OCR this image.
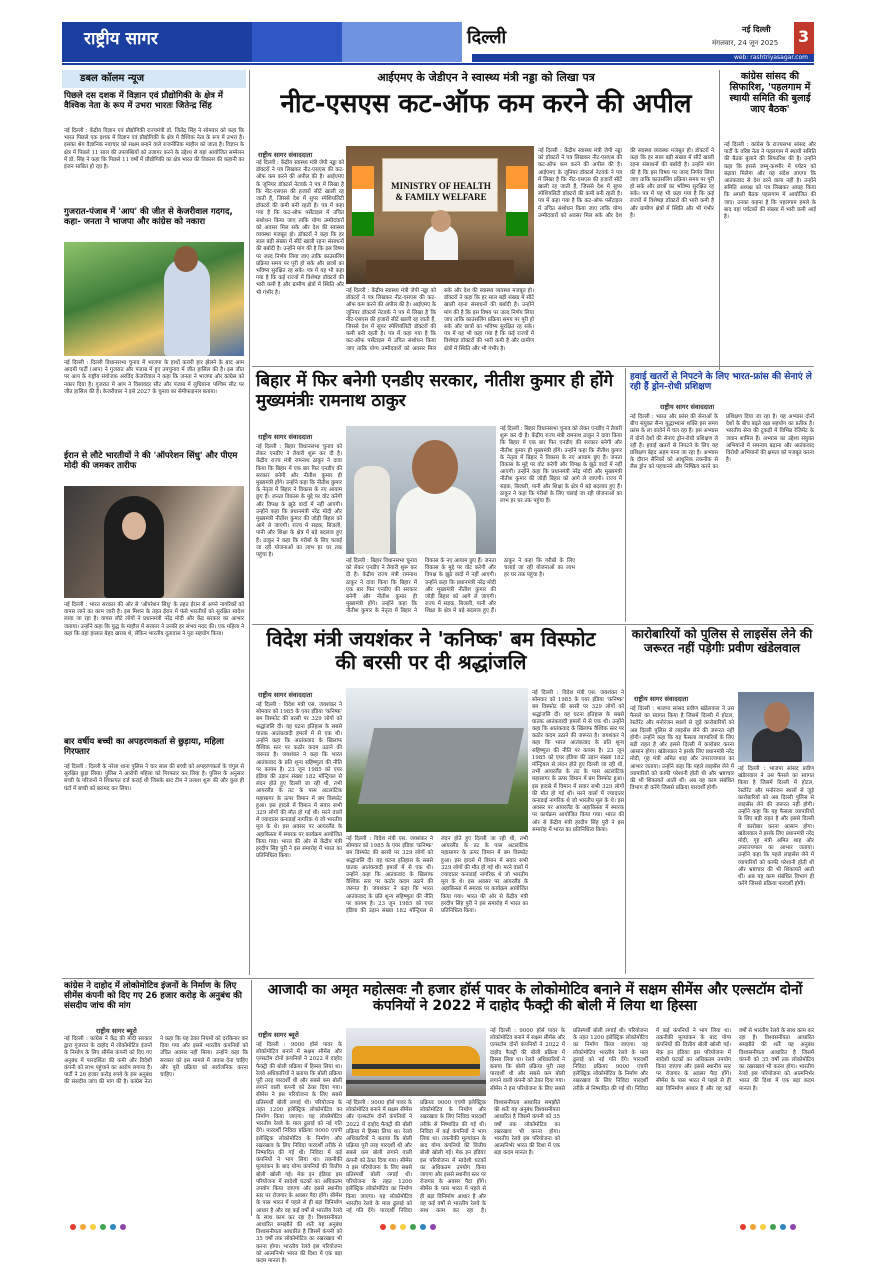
राष्ट्रीय सागर	दिल्ली	नई दिल्ली
मंगलवार, 24 जून 2025 3
web: rashtriyasagar.com
डबल कॉलम न्यूज
पिछले दस दशक में विज्ञान एवं प्रौद्योगिकी के क्षेत्र में वैश्विक नेता के रूप में उभरा भारतः जितेन्द्र सिंह
नई दिल्ली : केंद्रीय विज्ञान एवं प्रौद्योगिकी राज्यमंत्री डॉ. जितेंद्र सिंह ने सोमवार को कहा कि भारत पिछले एक दशक में विज्ञान एवं प्रौद्योगिकी के क्षेत्र में वैश्विक नेता के रूप में उभरा है। इसका श्रेय वैज्ञानिक नवाचार को सक्षम बनाने वाले राजनीतिक माहौल को जाता है। विज्ञान के क्षेत्र में पिछले 11 साल की उपलब्धियों को उजागर करने के उद्देश्य से यहां आयोजित सम्मेलन में डॉ. सिंह ने कहा कि पिछले 11 वर्षों में प्रौद्योगिकी का क्षेत्र भारत की विकास की कहानी का इंजन साबित हो रहा है।
गुजरात-पंजाब में 'आप' की जीत से केजरीवाल गदगद, कहा- जनता ने भाजपा और कांग्रेस को नकारा
नई दिल्ली : दिल्ली विधानसभा चुनाव में भाजपा के हाथों करारी हार झेलने के बाद आम आदमी पार्टी (आप) ने गुजरात और पंजाब में हुए उपचुनाव में जीत हासिल की है। इस जीत पर आप के राष्ट्रीय संयोजक अरविंद केजरीवाल ने कहा कि जनता ने भाजपा और कांग्रेस को नकार दिया है। गुजरात में आप ने विसावदर सीट और पंजाब में लुधियाना पश्चिम सीट पर जीत हासिल की है। केजरीवाल ने इसे 2027 के चुनाव का सेमीफाइनल बताया।
ईरान से लौटे भारतीयों ने की 'ऑपरेशन सिंधु' और पीएम मोदी की जमकर तारीफ
नई दिल्ली : भारत सरकार की ओर से 'ऑपरेशन सिंधु' के तहत ईरान से अपने नागरिकों को वापस लाने का काम जारी है। इस मिशन के तहत ईरान में फंसे भारतीयों को सुरक्षित स्वदेश लाया जा रहा है। वापस लौटे लोगों ने प्रधानमंत्री नरेंद्र मोदी और केंद्र सरकार का आभार जताया। उन्होंने कहा कि युद्ध के माहौल में सरकार ने उनकी हर संभव मदद की। एक महिला ने कहा कि वहां हालात बेहद खराब थे, लेकिन भारतीय दूतावास ने पूरा सहयोग किया।
बार वर्षीय बच्ची का अपहरणकर्ता से छुड़ाया, महिला गिरफ्तार
नई दिल्ली : दिल्ली के नरेला थाना पुलिस ने चार साल की बच्ची को अपहरणकर्ता के चंगुल से सुरक्षित छुड़ा लिया। पुलिस ने आरोपी महिला को गिरफ्तार कर लिया है। पुलिस के अनुसार बच्ची के परिजनों ने शिकायत दर्ज कराई थी जिसके बाद टीम ने तलाश शुरू की और कुछ ही घंटों में बच्ची को बरामद कर लिया।
आईएमए के जेडीएन ने स्वास्थ्य मंत्री नड्डा को लिखा पत्र
नीट-एसएस कट-ऑफ कम करने की अपील
राष्ट्रीय सागर संवाददाता
MINISTRY OF HEALTH
& FAMILY WELFARE
नई दिल्ली : केंद्रीय स्वास्थ्य मंत्री जेपी नड्डा को डॉक्टरों ने पत्र लिखकर नीट-एसएस की कट-ऑफ कम करने की अपील की है। आईएमए के जूनियर डॉक्टर्स नेटवर्क ने पत्र में लिखा है कि नीट-एसएस की हजारों सीटें खाली रह जाती हैं, जिससे देश में सुपर स्पेशियलिटी डॉक्टरों की कमी बनी रहती है। पत्र में कहा गया है कि कट-ऑफ पर्सेंटाइल में उचित संशोधन किया जाए ताकि योग्य उम्मीदवारों को अवसर मिल सके और देश की स्वास्थ्य व्यवस्था मजबूत हो। डॉक्टरों ने कहा कि हर साल बड़ी संख्या में सीटें खाली रहना संसाधनों की बर्बादी है। उन्होंने मांग की है कि इस विषय पर जल्द निर्णय लिया जाए ताकि काउंसलिंग प्रक्रिया समय पर पूरी हो सके और छात्रों का भविष्य सुरक्षित रह सके। पत्र में यह भी कहा गया है कि कई राज्यों में विशेषज्ञ डॉक्टरों की भारी कमी है और ग्रामीण क्षेत्रों में स्थिति और भी गंभीर है।
नई दिल्ली : केंद्रीय स्वास्थ्य मंत्री जेपी नड्डा को डॉक्टरों ने पत्र लिखकर नीट-एसएस की कट-ऑफ कम करने की अपील की है। आईएमए के जूनियर डॉक्टर्स नेटवर्क ने पत्र में लिखा है कि नीट-एसएस की हजारों सीटें खाली रह जाती हैं, जिससे देश में सुपर स्पेशियलिटी डॉक्टरों की कमी बनी रहती है। पत्र में कहा गया है कि कट-ऑफ पर्सेंटाइल में उचित संशोधन किया जाए ताकि योग्य उम्मीदवारों को अवसर मिल सके और देश की स्वास्थ्य व्यवस्था मजबूत हो। डॉक्टरों ने कहा कि हर साल बड़ी संख्या में सीटें खाली रहना संसाधनों की बर्बादी है। उन्होंने मांग की है कि इस विषय पर जल्द निर्णय लिया जाए ताकि काउंसलिंग प्रक्रिया समय पर पूरी हो सके और छात्रों का भविष्य सुरक्षित रह सके। पत्र में यह भी कहा गया है कि कई राज्यों में विशेषज्ञ डॉक्टरों की भारी कमी है और ग्रामीण क्षेत्रों में स्थिति और भी गंभीर है।
नई दिल्ली : केंद्रीय स्वास्थ्य मंत्री जेपी नड्डा को डॉक्टरों ने पत्र लिखकर नीट-एसएस की कट-ऑफ कम करने की अपील की है। आईएमए के जूनियर डॉक्टर्स नेटवर्क ने पत्र में लिखा है कि नीट-एसएस की हजारों सीटें खाली रह जाती हैं, जिससे देश में सुपर स्पेशियलिटी डॉक्टरों की कमी बनी रहती है। पत्र में कहा गया है कि कट-ऑफ पर्सेंटाइल में उचित संशोधन किया जाए ताकि योग्य उम्मीदवारों को अवसर मिल सके और देश की स्वास्थ्य व्यवस्था मजबूत हो। डॉक्टरों ने कहा कि हर साल बड़ी संख्या में सीटें खाली रहना संसाधनों की बर्बादी है। उन्होंने मांग की है कि इस विषय पर जल्द निर्णय लिया जाए ताकि काउंसलिंग प्रक्रिया समय पर पूरी हो सके और छात्रों का भविष्य सुरक्षित रह सके। पत्र में यह भी कहा गया है कि कई राज्यों में विशेषज्ञ डॉक्टरों की भारी कमी है और ग्रामीण क्षेत्रों में स्थिति और भी गंभीर है।
कांग्रेस सांसद की सिफारिश, 'पहलगाम में स्थायी समिति की बुलाई जाए बैठक'
नई दिल्ली : कांग्रेस के राज्यसभा सांसद और पार्टी के वरिष्ठ नेता ने पहलगाम में स्थायी समिति की बैठक बुलाने की सिफारिश की है। उन्होंने कहा कि इससे जम्मू-कश्मीर में पर्यटन को बढ़ावा मिलेगा और यह संदेश जाएगा कि आतंकवाद से देश डरने वाला नहीं है। उन्होंने समिति अध्यक्ष को पत्र लिखकर आग्रह किया कि अगली बैठक पहलगाम में आयोजित की जाए। उनका कहना है कि पहलगाम हमले के बाद वहां पर्यटकों की संख्या में भारी कमी आई है।
बिहार में फिर बनेगी एनडीए सरकार, नीतीश कुमार ही होंगे मुख्यमंत्रीः रामनाथ ठाकुर
राष्ट्रीय सागर संवाददाता
नई दिल्ली : बिहार विधानसभा चुनाव को लेकर एनडीए ने तैयारी शुरू कर दी है। केंद्रीय राज्य मंत्री रामनाथ ठाकुर ने दावा किया कि बिहार में एक बार फिर एनडीए की सरकार बनेगी और नीतीश कुमार ही मुख्यमंत्री होंगे। उन्होंने कहा कि नीतीश कुमार के नेतृत्व में बिहार ने विकास के नए आयाम छुए हैं। जनता विकास के मुद्दे पर वोट करेगी और विपक्ष के झूठे वादों में नहीं आएगी। उन्होंने कहा कि प्रधानमंत्री नरेंद्र मोदी और मुख्यमंत्री नीतीश कुमार की जोड़ी बिहार को आगे ले जाएगी। राज्य में सड़क, बिजली, पानी और शिक्षा के क्षेत्र में बड़े बदलाव हुए हैं। ठाकुर ने कहा कि गरीबों के लिए चलाई जा रही योजनाओं का लाभ हर घर तक पहुंचा है।
नई दिल्ली : बिहार विधानसभा चुनाव को लेकर एनडीए ने तैयारी शुरू कर दी है। केंद्रीय राज्य मंत्री रामनाथ ठाकुर ने दावा किया कि बिहार में एक बार फिर एनडीए की सरकार बनेगी और नीतीश कुमार ही मुख्यमंत्री होंगे। उन्होंने कहा कि नीतीश कुमार के नेतृत्व में बिहार ने विकास के नए आयाम छुए हैं। जनता विकास के मुद्दे पर वोट करेगी और विपक्ष के झूठे वादों में नहीं आएगी। उन्होंने कहा कि प्रधानमंत्री नरेंद्र मोदी और मुख्यमंत्री नीतीश कुमार की जोड़ी बिहार को आगे ले जाएगी। राज्य में सड़क, बिजली, पानी और शिक्षा के क्षेत्र में बड़े बदलाव हुए हैं। ठाकुर ने कहा कि गरीबों के लिए चलाई जा रही योजनाओं का लाभ हर घर तक पहुंचा है।
नई दिल्ली : बिहार विधानसभा चुनाव को लेकर एनडीए ने तैयारी शुरू कर दी है। केंद्रीय राज्य मंत्री रामनाथ ठाकुर ने दावा किया कि बिहार में एक बार फिर एनडीए की सरकार बनेगी और नीतीश कुमार ही मुख्यमंत्री होंगे। उन्होंने कहा कि नीतीश कुमार के नेतृत्व में बिहार ने विकास के नए आयाम छुए हैं। जनता विकास के मुद्दे पर वोट करेगी और विपक्ष के झूठे वादों में नहीं आएगी। उन्होंने कहा कि प्रधानमंत्री नरेंद्र मोदी और मुख्यमंत्री नीतीश कुमार की जोड़ी बिहार को आगे ले जाएगी। राज्य में सड़क, बिजली, पानी और शिक्षा के क्षेत्र में बड़े बदलाव हुए हैं। ठाकुर ने कहा कि गरीबों के लिए चलाई जा रही योजनाओं का लाभ हर घर तक पहुंचा है।
हवाई खतरों से निपटने के लिए भारत-फ्रांस की सेनाएं ले रही हैं ड्रोन-रोधी प्रशिक्षण
राष्ट्रीय सागर संवाददाता
नई दिल्ली : भारत और फ्रांस की सेनाओं के बीच संयुक्त सैन्य युद्धाभ्यास शक्ति इस समय फ्रांस के ला कावेर्न में चल रहा है। इस अभ्यास में दोनों देशों की सेनाएं ड्रोन-रोधी प्रशिक्षण ले रही हैं। हवाई खतरों से निपटने के लिए यह प्रशिक्षण बेहद अहम माना जा रहा है। अभ्यास के दौरान सैनिकों को आधुनिक तकनीक से लैस ड्रोन को पहचानने और निष्क्रिय करने का प्रशिक्षण दिया जा रहा है। यह अभ्यास दोनों देशों के बीच बढ़ते रक्षा सहयोग का प्रतीक है। भारतीय सेना की टुकड़ी में विभिन्न रेजिमेंट के जवान शामिल हैं। अभ्यास का उद्देश्य संयुक्त अभियानों में समन्वय बढ़ाना और आतंकवाद विरोधी अभियानों की क्षमता को मजबूत करना है।
विदेश मंत्री जयशंकर ने 'कनिष्क' बम विस्फोट की बरसी पर दी श्रद्धांजलि
राष्ट्रीय सागर संवाददाता
नई दिल्ली : विदेश मंत्री एस. जयशंकर ने सोमवार को 1985 के एयर इंडिया 'कनिष्क' बम विस्फोट की बरसी पर 329 लोगों को श्रद्धांजलि दी। यह घटना इतिहास के सबसे घातक आतंकवादी हमलों में से एक थी। उन्होंने कहा कि आतंकवाद के खिलाफ वैश्विक स्तर पर कठोर कदम उठाने की जरूरत है। जयशंकर ने कहा कि भारत आतंकवाद के प्रति शून्य सहिष्णुता की नीति पर कायम है। 23 जून 1985 को एयर इंडिया की उड़ान संख्या 182 मॉन्ट्रियल से लंदन होते हुए दिल्ली जा रही थी, तभी आयरलैंड के तट के पास अटलांटिक महासागर के ऊपर विमान में बम विस्फोट हुआ। इस हादसे में विमान में सवार सभी 329 लोगों की मौत हो गई थी। मरने वालों में ज्यादातर कनाडाई नागरिक थे जो भारतीय मूल के थे। इस अवसर पर आयरलैंड के अहाकिस्ता में स्मारक पर कार्यक्रम आयोजित किया गया। भारत की ओर से केंद्रीय मंत्री हरदीप सिंह पुरी ने इस समारोह में भारत का प्रतिनिधित्व किया।
नई दिल्ली : विदेश मंत्री एस. जयशंकर ने सोमवार को 1985 के एयर इंडिया 'कनिष्क' बम विस्फोट की बरसी पर 329 लोगों को श्रद्धांजलि दी। यह घटना इतिहास के सबसे घातक आतंकवादी हमलों में से एक थी। उन्होंने कहा कि आतंकवाद के खिलाफ वैश्विक स्तर पर कठोर कदम उठाने की जरूरत है। जयशंकर ने कहा कि भारत आतंकवाद के प्रति शून्य सहिष्णुता की नीति पर कायम है। 23 जून 1985 को एयर इंडिया की उड़ान संख्या 182 मॉन्ट्रियल से लंदन होते हुए दिल्ली जा रही थी, तभी आयरलैंड के तट के पास अटलांटिक महासागर के ऊपर विमान में बम विस्फोट हुआ। इस हादसे में विमान में सवार सभी 329 लोगों की मौत हो गई थी। मरने वालों में ज्यादातर कनाडाई नागरिक थे जो भारतीय मूल के थे। इस अवसर पर आयरलैंड के अहाकिस्ता में स्मारक पर कार्यक्रम आयोजित किया गया। भारत की ओर से केंद्रीय मंत्री हरदीप सिंह पुरी ने इस समारोह में भारत का प्रतिनिधित्व किया।
नई दिल्ली : विदेश मंत्री एस. जयशंकर ने सोमवार को 1985 के एयर इंडिया 'कनिष्क' बम विस्फोट की बरसी पर 329 लोगों को श्रद्धांजलि दी। यह घटना इतिहास के सबसे घातक आतंकवादी हमलों में से एक थी। उन्होंने कहा कि आतंकवाद के खिलाफ वैश्विक स्तर पर कठोर कदम उठाने की जरूरत है। जयशंकर ने कहा कि भारत आतंकवाद के प्रति शून्य सहिष्णुता की नीति पर कायम है। 23 जून 1985 को एयर इंडिया की उड़ान संख्या 182 मॉन्ट्रियल से लंदन होते हुए दिल्ली जा रही थी, तभी आयरलैंड के तट के पास अटलांटिक महासागर के ऊपर विमान में बम विस्फोट हुआ। इस हादसे में विमान में सवार सभी 329 लोगों की मौत हो गई थी। मरने वालों में ज्यादातर कनाडाई नागरिक थे जो भारतीय मूल के थे। इस अवसर पर आयरलैंड के अहाकिस्ता में स्मारक पर कार्यक्रम आयोजित किया गया। भारत की ओर से केंद्रीय मंत्री हरदीप सिंह पुरी ने इस समारोह में भारत का प्रतिनिधित्व किया।
कारोबारियों को पुलिस से लाइसेंस लेने की जरूरत नहीं पड़ेगीः प्रवीण खंडेलवाल
राष्ट्रीय सागर संवाददाता
नई दिल्ली : भाजपा सांसद प्रवीण खंडेलवाल ने उस फैसले का स्वागत किया है जिसमें दिल्ली में होटल, रेस्टोरेंट और मनोरंजन स्थलों से जुड़े कारोबारियों को अब दिल्ली पुलिस से लाइसेंस लेने की जरूरत नहीं होगी। उन्होंने कहा कि यह फैसला व्यापारियों के लिए बड़ी राहत है और इससे दिल्ली में कारोबार करना आसान होगा। खंडेलवाल ने इसके लिए प्रधानमंत्री नरेंद्र मोदी, गृह मंत्री अमित शाह और उपराज्यपाल का आभार जताया। उन्होंने कहा कि पहले लाइसेंस लेने में व्यापारियों को काफी परेशानी होती थी और भ्रष्टाचार की भी शिकायतें आती थीं। अब यह काम संबंधित विभाग ही करेंगे जिससे प्रक्रिया पारदर्शी होगी।
नई दिल्ली : भाजपा सांसद प्रवीण खंडेलवाल ने उस फैसले का स्वागत किया है जिसमें दिल्ली में होटल, रेस्टोरेंट और मनोरंजन स्थलों से जुड़े कारोबारियों को अब दिल्ली पुलिस से लाइसेंस लेने की जरूरत नहीं होगी। उन्होंने कहा कि यह फैसला व्यापारियों के लिए बड़ी राहत है और इससे दिल्ली में कारोबार करना आसान होगा। खंडेलवाल ने इसके लिए प्रधानमंत्री नरेंद्र मोदी, गृह मंत्री अमित शाह और उपराज्यपाल का आभार जताया। उन्होंने कहा कि पहले लाइसेंस लेने में व्यापारियों को काफी परेशानी होती थी और भ्रष्टाचार की भी शिकायतें आती थीं। अब यह काम संबंधित विभाग ही करेंगे जिससे प्रक्रिया पारदर्शी होगी।
कांग्रेस ने दाहोद में लोकोमोटिव इंजनों के निर्माण के लिए सीमेंस कंपनी को दिए गए 26 हजार करोड़ के अनुबंध की संसदीय जांच की मांग
राष्ट्रीय सागर ब्यूरो
नई दिल्ली : कांग्रेस ने केंद्र की मोदी सरकार द्वारा गुजरात के दाहोद में लोकोमोटिव इंजनों के निर्माण के लिए सीमेंस कंपनी को दिए गए अनुबंध में पारदर्शिता की कमी और विदेशी कंपनी को लाभ पहुंचाने का आरोप लगाया है। पार्टी ने 26 हजार करोड़ रुपये के इस अनुबंध की संसदीय जांच की मांग की है। कांग्रेस नेता ने कहा कि यह ठेका नियमों को दरकिनार कर दिया गया और इसमें भारतीय कंपनियों को उचित अवसर नहीं मिला। उन्होंने कहा कि सरकार को इस मामले में जवाब देना चाहिए और पूरी प्रक्रिया को सार्वजनिक करना चाहिए।
आजादी का अमृत महोत्सवः नौ हजार हॉर्स पावर के लोकोमोटिव बनाने में सक्षम सीमेंस और एल्सटॉम दोनों कंपनियों ने 2022 में दाहोद फैक्ट्री की बोली में लिया था हिस्सा
राष्ट्रीय सागर ब्यूरो
नई दिल्ली : 9000 हॉर्स पावर के लोकोमोटिव बनाने में सक्षम सीमेंस और एल्सटॉम दोनों कंपनियों ने 2022 में दाहोद फैक्ट्री की बोली प्रक्रिया में हिस्सा लिया था। रेलवे अधिकारियों ने बताया कि बोली प्रक्रिया पूरी तरह पारदर्शी थी और सबसे कम बोली लगाने वाली कंपनी को ठेका दिया गया। सीमेंस ने इस परियोजना के लिए सबसे प्रतिस्पर्धी बोली लगाई थी। परियोजना के तहत 1200 इलेक्ट्रिक लोकोमोटिव का निर्माण किया जाएगा। यह लोकोमोटिव भारतीय रेलवे के माल ढुलाई को नई गति देंगे। पारदर्शी निविदा प्रक्रियाः 9000 एचपी इलेक्ट्रिक लोकोमोटिव के निर्माण और रखरखाव के लिए निविदा पारदर्शी तरीके से निष्पादित की गई थी। निविदा में कई कंपनियों ने भाग लिया था। तकनीकी मूल्यांकन के बाद योग्य कंपनियों की वित्तीय बोली खोली गई। मेक इन इंडियाः इस परियोजना में स्वदेशी घटकों का अधिकतम उपयोग किया जाएगा और इससे स्थानीय स्तर पर रोजगार के अवसर पैदा होंगे। सीमेंस के पास भारत में पहले से ही बड़ा विनिर्माण आधार है और वह कई वर्षों से भारतीय रेलवे के साथ काम कर रहा है। विश्वसनीयता आधारित समझौते की शर्तेंः यह अनुबंध विश्वसनीयता आधारित है जिसमें कंपनी को 35 वर्षों तक लोकोमोटिव का रखरखाव भी करना होगा। भारतीय रेलवे इस परियोजना को आत्मनिर्भर भारत की दिशा में एक बड़ा कदम मानता है।
नई दिल्ली : 9000 हॉर्स पावर के लोकोमोटिव बनाने में सक्षम सीमेंस और एल्सटॉम दोनों कंपनियों ने 2022 में दाहोद फैक्ट्री की बोली प्रक्रिया में हिस्सा लिया था। रेलवे अधिकारियों ने बताया कि बोली प्रक्रिया पूरी तरह पारदर्शी थी और सबसे कम बोली लगाने वाली कंपनी को ठेका दिया गया। सीमेंस ने इस परियोजना के लिए सबसे प्रतिस्पर्धी बोली लगाई थी। परियोजना के तहत 1200 इलेक्ट्रिक लोकोमोटिव का निर्माण किया जाएगा। यह लोकोमोटिव भारतीय रेलवे के माल ढुलाई को नई गति देंगे। पारदर्शी निविदा प्रक्रियाः 9000 एचपी इलेक्ट्रिक लोकोमोटिव के निर्माण और रखरखाव के लिए निविदा पारदर्शी तरीके से निष्पादित की गई थी। निविदा में कई कंपनियों ने भाग लिया था। तकनीकी मूल्यांकन के बाद योग्य कंपनियों की वित्तीय बोली खोली गई। मेक इन इंडियाः इस परियोजना में स्वदेशी घटकों का अधिकतम उपयोग किया जाएगा और इससे स्थानीय स्तर पर रोजगार के अवसर पैदा होंगे। सीमेंस के पास भारत में पहले से ही बड़ा विनिर्माण आधार है और वह कई वर्षों से भारतीय रेलवे के साथ काम कर रहा है। विश्वसनीयता आधारित समझौते की शर्तेंः यह अनुबंध विश्वसनीयता आधारित है जिसमें कंपनी को 35 वर्षों तक लोकोमोटिव का रखरखाव भी करना होगा। भारतीय रेलवे इस परियोजना को आत्मनिर्भर भारत की दिशा में एक बड़ा कदम मानता है।
नई दिल्ली : 9000 हॉर्स पावर के लोकोमोटिव बनाने में सक्षम सीमेंस और एल्सटॉम दोनों कंपनियों ने 2022 में दाहोद फैक्ट्री की बोली प्रक्रिया में हिस्सा लिया था। रेलवे अधिकारियों ने बताया कि बोली प्रक्रिया पूरी तरह पारदर्शी थी और सबसे कम बोली लगाने वाली कंपनी को ठेका दिया गया। सीमेंस ने इस परियोजना के लिए सबसे प्रतिस्पर्धी बोली लगाई थी। परियोजना के तहत 1200 इलेक्ट्रिक लोकोमोटिव का निर्माण किया जाएगा। यह लोकोमोटिव भारतीय रेलवे के माल ढुलाई को नई गति देंगे। पारदर्शी निविदा प्रक्रियाः 9000 एचपी इलेक्ट्रिक लोकोमोटिव के निर्माण और रखरखाव के लिए निविदा पारदर्शी तरीके से निष्पादित की गई थी। निविदा में कई कंपनियों ने भाग लिया था। तकनीकी मूल्यांकन के बाद योग्य कंपनियों की वित्तीय बोली खोली गई। मेक इन इंडियाः इस परियोजना में स्वदेशी घटकों का अधिकतम उपयोग किया जाएगा और इससे स्थानीय स्तर पर रोजगार के अवसर पैदा होंगे। सीमेंस के पास भारत में पहले से ही बड़ा विनिर्माण आधार है और वह कई वर्षों से भारतीय रेलवे के साथ काम कर रहा है। विश्वसनीयता आधारित समझौते की शर्तेंः यह अनुबंध विश्वसनीयता आधारित है जिसमें कंपनी को 35 वर्षों तक लोकोमोटिव का रखरखाव भी करना होगा। भारतीय रेलवे इस परियोजना को आत्मनिर्भर भारत की दिशा में एक बड़ा कदम मानता है।
